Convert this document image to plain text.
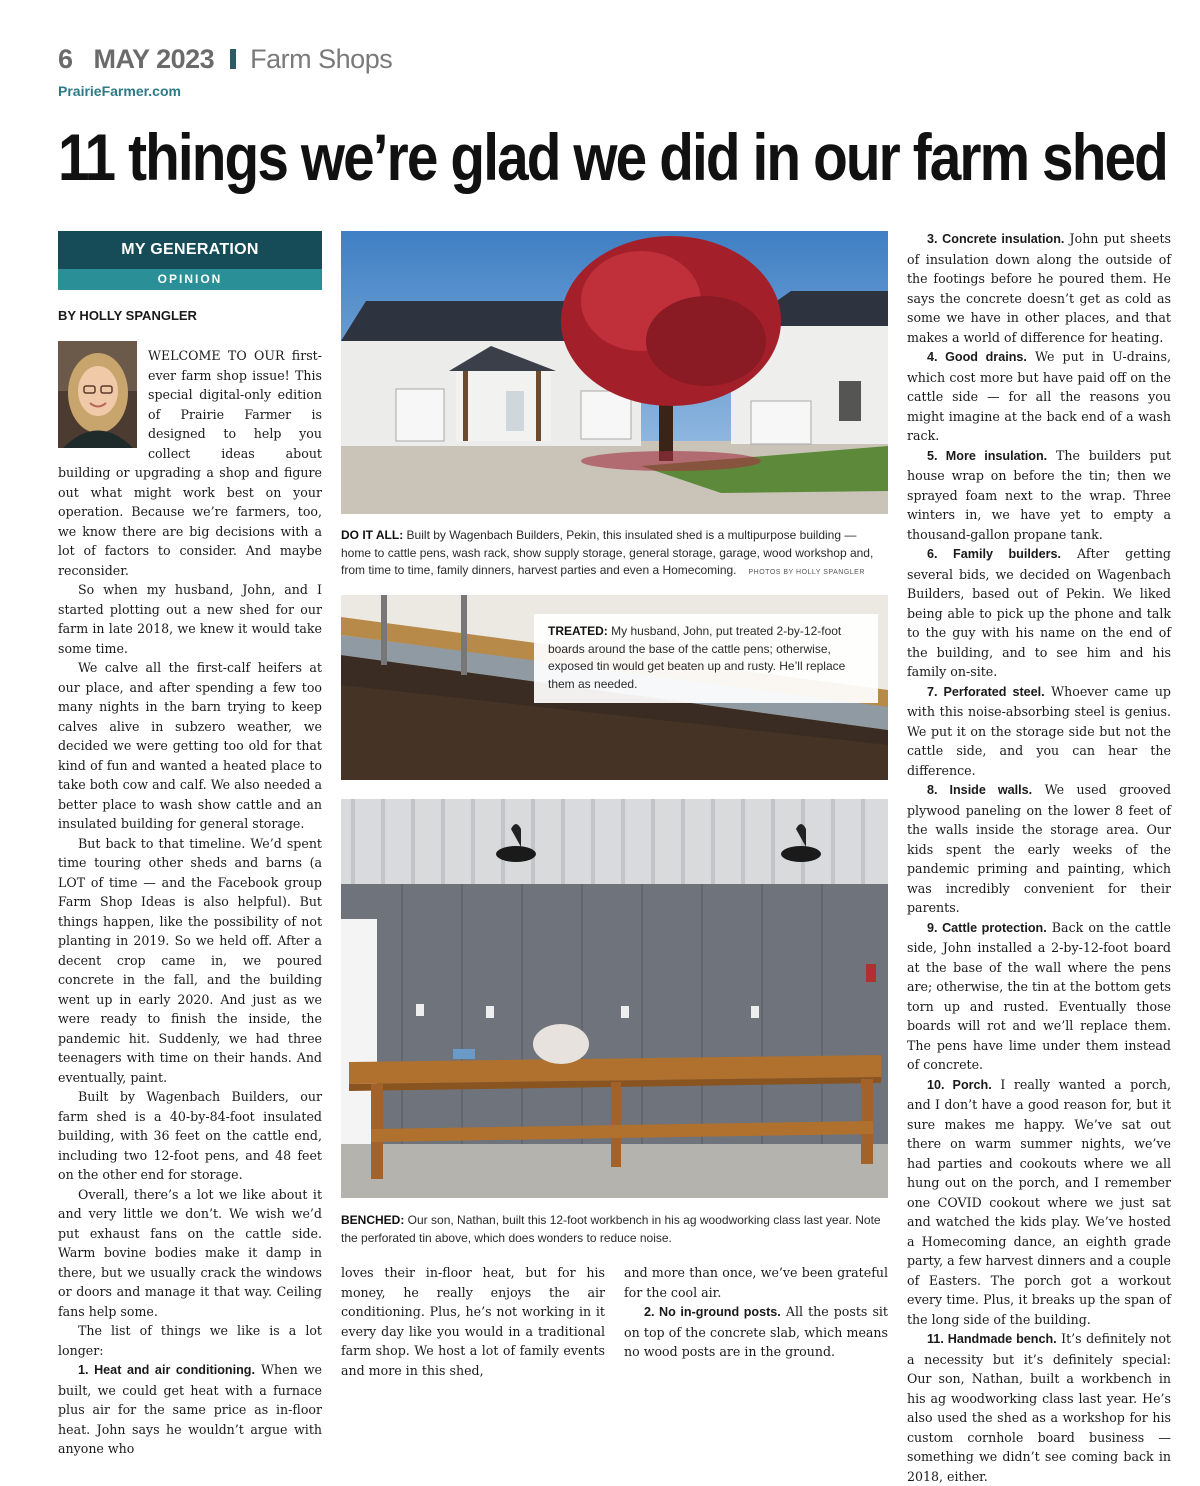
6 MAY 2023 Farm Shops
PrairieFarmer.com
11 things we’re glad we did in our farm shed
MY GENERATION
OPINION
BY HOLLY SPANGLER

WELCOME TO OUR first-ever farm shop issue! This special digital-only edition of Prairie Farmer is designed to help you collect ideas about building or upgrading a shop and figure out what might work best on your operation. Because we’re farmers, too, we know there are big decisions with a lot of factors to consider. And maybe reconsider.

So when my husband, John, and I started plotting out a new shed for our farm in late 2018, we knew it would take some time.

We calve all the first-calf heifers at our place, and after spending a few too many nights in the barn trying to keep calves alive in subzero weather, we decided we were getting too old for that kind of fun and wanted a heated place to take both cow and calf. We also needed a better place to wash show cattle and an insulated building for general storage.

But back to that timeline. We’d spent time touring other sheds and barns (a LOT of time — and the Facebook group Farm Shop Ideas is also helpful). But things happen, like the possibility of not planting in 2019. So we held off. After a decent crop came in, we poured concrete in the fall, and the building went up in early 2020. And just as we were ready to finish the inside, the pandemic hit. Suddenly, we had three teenagers with time on their hands. And eventually, paint.

Built by Wagenbach Builders, our farm shed is a 40-by-84-foot insulated building, with 36 feet on the cattle end, including two 12-foot pens, and 48 feet on the other end for storage.

Overall, there’s a lot we like about it and very little we don’t. We wish we’d put exhaust fans on the cattle side. Warm bovine bodies make it damp in there, but we usually crack the windows or doors and manage it that way. Ceiling fans help some.

The list of things we like is a lot longer:

1. Heat and air conditioning. When we built, we could get heat with a furnace plus air for the same price as in-floor heat. John says he wouldn’t argue with anyone who

DO IT ALL: Built by Wagenbach Builders, Pekin, this insulated shed is a multipurpose building — home to cattle pens, wash rack, show supply storage, general storage, garage, wood workshop and, from time to time, family dinners, harvest parties and even a Homecoming. PHOTOS BY HOLLY SPANGLER
TREATED: My husband, John, put treated 2-by-12-foot boards around the base of the cattle pens; otherwise, exposed tin would get beaten up and rusty. He’ll replace them as needed.
BENCHED: Our son, Nathan, built this 12-foot workbench in his ag woodworking class last year. Note the perforated tin above, which does wonders to reduce noise.

loves their in-floor heat, but for his money, he really enjoys the air conditioning. Plus, he’s not working in it every day like you would in a traditional farm shop. We host a lot of family events and more in this shed,

and more than once, we’ve been grateful for the cool air.

2. No in-ground posts. All the posts sit on top of the concrete slab, which means no wood posts are in the ground.

3. Concrete insulation. John put sheets of insulation down along the outside of the footings before he poured them. He says the concrete doesn’t get as cold as some we have in other places, and that makes a world of difference for heating.

4. Good drains. We put in U-drains, which cost more but have paid off on the cattle side — for all the reasons you might imagine at the back end of a wash rack.

5. More insulation. The builders put house wrap on before the tin; then we sprayed foam next to the wrap. Three winters in, we have yet to empty a thousand-gallon propane tank.

6. Family builders. After getting several bids, we decided on Wagenbach Builders, based out of Pekin. We liked being able to pick up the phone and talk to the guy with his name on the end of the building, and to see him and his family on-site.

7. Perforated steel. Whoever came up with this noise-absorbing steel is genius. We put it on the storage side but not the cattle side, and you can hear the difference.

8. Inside walls. We used grooved plywood paneling on the lower 8 feet of the walls inside the storage area. Our kids spent the early weeks of the pandemic priming and painting, which was incredibly convenient for their parents.

9. Cattle protection. Back on the cattle side, John installed a 2-by-12-foot board at the base of the wall where the pens are; otherwise, the tin at the bottom gets torn up and rusted. Eventually those boards will rot and we’ll replace them. The pens have lime under them instead of concrete.

10. Porch. I really wanted a porch, and I don’t have a good reason for, but it sure makes me happy. We’ve sat out there on warm summer nights, we’ve had parties and cookouts where we all hung out on the porch, and I remember one COVID cookout where we just sat and watched the kids play. We’ve hosted a Homecoming dance, an eighth grade party, a few harvest dinners and a couple of Easters. The porch got a workout every time. Plus, it breaks up the span of the long side of the building.

11. Handmade bench. It’s definitely not a necessity but it’s definitely special: Our son, Nathan, built a workbench in his ag woodworking class last year. He’s also used the shed as a workshop for his custom cornhole board business — something we didn’t see coming back in 2018, either.
